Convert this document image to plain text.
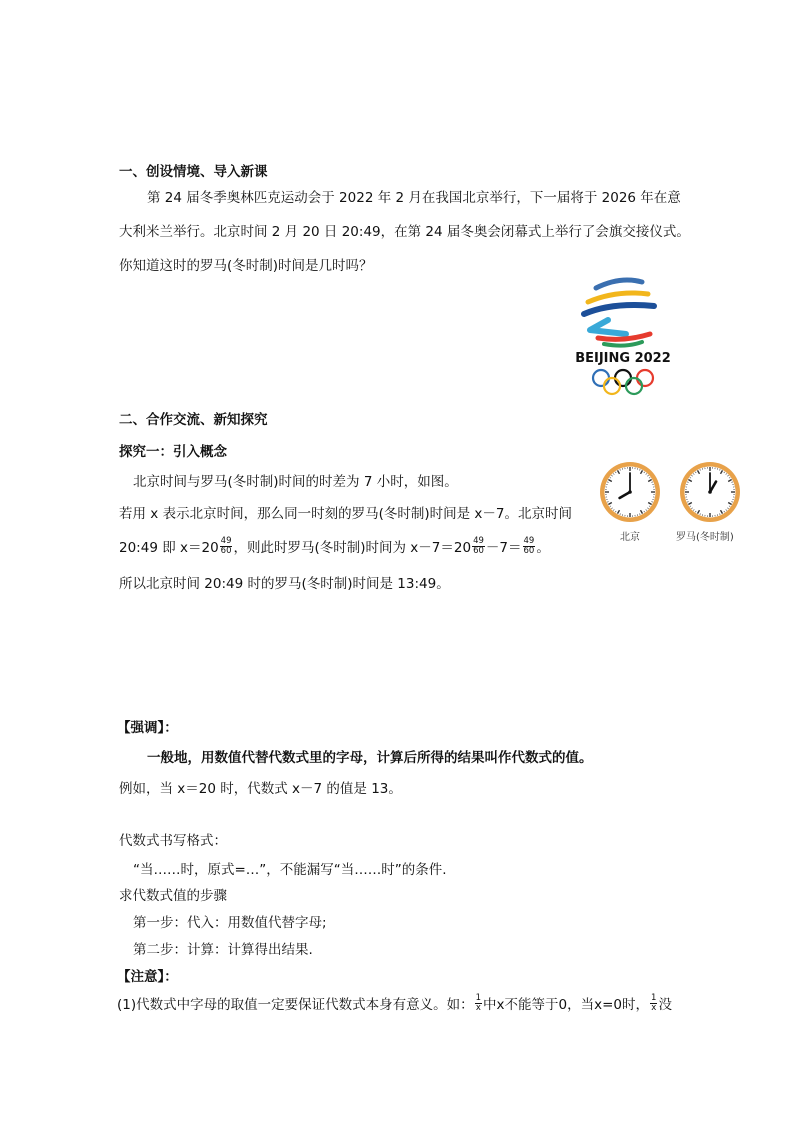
一、创设情境、导入新课
第 24 届冬季奥林匹克运动会于 2022 年 2 月在我国北京举行，下一届将于 2026 年在意
大利米兰举行。北京时间 2 月 20 日 20:49，在第 24 届冬奥会闭幕式上举行了会旗交接仪式。
你知道这时的罗马(冬时制)时间是几时吗？
BEIJING 2022
二、合作交流、新知探究
探究一：引入概念
北京时间与罗马(冬时制)时间的时差为 7 小时，如图。
若用 x 表示北京时间，那么同一时刻的罗马(冬时制)时间是 x－7。北京时间
20:49 即 $x=20 \frac{49}{60}$ ，则此时罗马(冬时制)时间为 $x-7=20 \frac{49}{60} -7= \frac{49}{60}$ 。
所以北京时间 20:49 时的罗马(冬时制)时间是 13:49。
北京	罗马(冬时制)
【强调】：
一般地，用数值代替代数式里的字母，计算后所得的结果叫作代数式的值。
例如，当 x＝20 时，代数式 x－7 的值是 13。
代数式书写格式：
“当……时，原式=…”，不能漏写“当……时”的条件.
求代数式值的步骤
第一步：代入：用数值代替字母;
第二步：计算：计算得出结果.
【注意】：
(1)代数式中字母的取值一定要保证代数式本身有意义。如： $\frac{1}{x}$ 中x不能等于0，当x=0时， $\frac{1}{x}$ 没
